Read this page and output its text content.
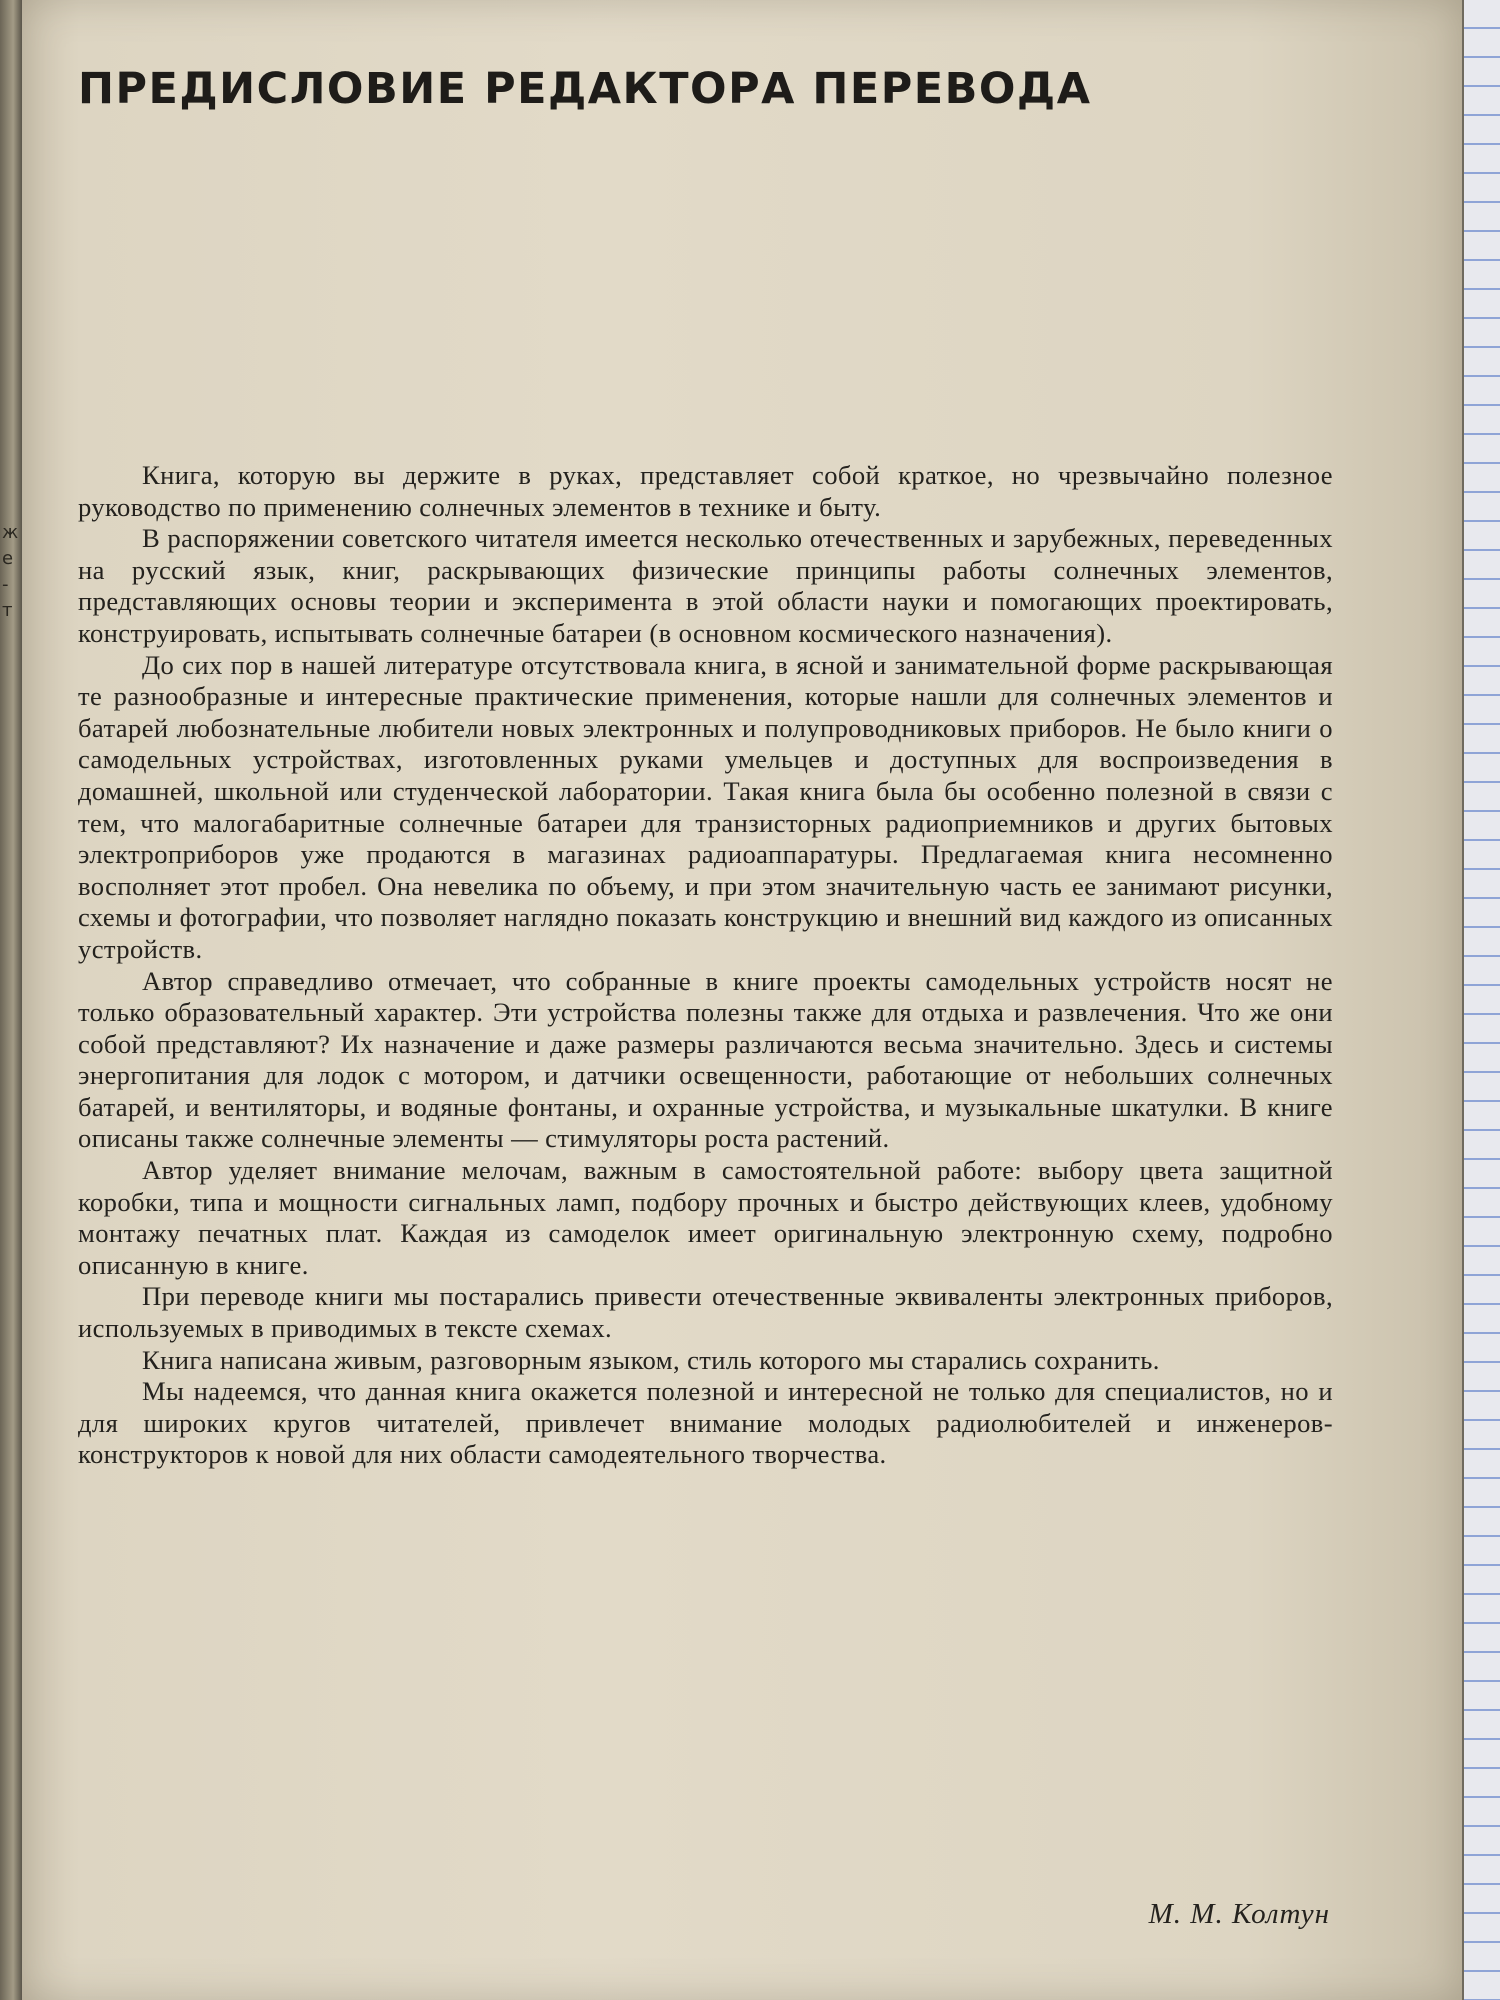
ж
е
-
т
ПРЕДИСЛОВИЕ РЕДАКТОРА ПЕРЕВОДА

Книга, которую вы держите в руках, представляет собой краткое, но чрезвычайно полезное руководство по применению солнечных элементов в технике и быту.

В распоряжении советского читателя имеется несколько отечественных и зарубежных, переведенных на русский язык, книг, раскрывающих физические принципы работы солнечных элементов, представляющих основы теории и эксперимента в этой области науки и помогающих проектировать, конструировать, испытывать солнечные батареи (в основном космического назначения).

До сих пор в нашей литературе отсутствовала книга, в ясной и занимательной форме раскрывающая те разнообразные и интересные практические применения, которые нашли для солнечных элементов и батарей любознательные любители новых электронных и полупроводниковых приборов. Не было книги о самодельных устройствах, изготовленных руками умельцев и доступных для воспроизведения в домашней, школьной или студенческой лаборатории. Такая книга была бы особенно полезной в связи с тем, что малогабаритные солнечные батареи для транзисторных радиоприемников и других бытовых электроприборов уже продаются в магазинах радиоаппаратуры. Предлагаемая книга несомненно восполняет этот пробел. Она невелика по объему, и при этом значительную часть ее занимают рисунки, схемы и фотографии, что позволяет наглядно показать конструкцию и внешний вид каждого из описанных устройств.

Автор справедливо отмечает, что собранные в книге проекты самодельных устройств носят не только образовательный характер. Эти устройства полезны также для отдыха и развлечения. Что же они собой представляют? Их назначение и даже размеры различаются весьма значительно. Здесь и системы энергопитания для лодок с мотором, и датчики освещенности, работающие от небольших солнечных батарей, и вентиляторы, и водяные фонтаны, и охранные устройства, и музыкальные шкатулки. В книге описаны также солнечные элементы — стимуляторы роста растений.

Автор уделяет внимание мелочам, важным в самостоятельной работе: выбору цвета защитной коробки, типа и мощности сигнальных ламп, подбору прочных и быстро действующих клеев, удобному монтажу печатных плат. Каждая из самоделок имеет оригинальную электронную схему, подробно описанную в книге.

При переводе книги мы постарались привести отечественные эквиваленты электронных приборов, используемых в приводимых в тексте схемах.

Книга написана живым, разговорным языком, стиль которого мы старались сохранить.

Мы надеемся, что данная книга окажется полезной и интересной не только для специалистов, но и для широких кругов читателей, привлечет внимание молодых радиолюбителей и инженеров-конструкторов к новой для них области самодеятельного творчества.

М. М. Колтун
